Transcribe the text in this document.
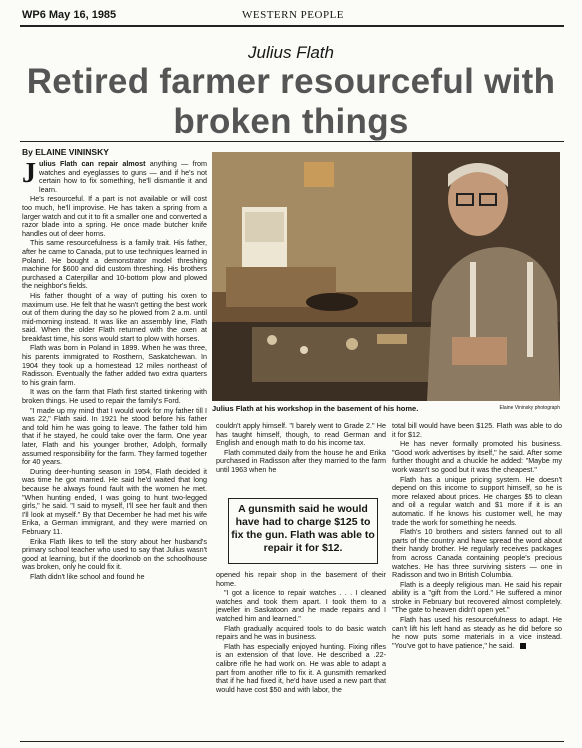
WP6 May 16, 1985	WESTERN PEOPLE
Julius Flath
Retired farmer resourceful with broken things
By ELAINE VININSKY
Julius Flath at his workshop in the basement of his home.	Elaine Vininsky photograph

Julius Flath can repair almost anything — from watches and eyeglasses to guns — and if he's not certain how to fix something, he'll dismantle it and learn.

He's resourceful. If a part is not available or will cost too much, he'll improvise. He has taken a spring from a larger watch and cut it to fit a smaller one and converted a razor blade into a spring. He once made butcher knife handles out of deer horns.

This same resourcefulness is a family trait. His father, after he came to Canada, put to use techniques learned in Poland. He bought a demonstrator model threshing machine for $600 and did custom threshing. His brothers purchased a Caterpillar and 10-bottom plow and plowed the neighbor's fields.

His father thought of a way of putting his oxen to maximum use. He felt that he wasn't getting the best work out of them during the day so he plowed from 2 a.m. until mid-morning instead. It was like an assembly line, Flath said. When the older Flath returned with the oxen at breakfast time, his sons would start to plow with horses.

Flath was born in Poland in 1899. When he was three, his parents immigrated to Rosthern, Saskatchewan. In 1904 they took up a homestead 12 miles northeast of Radisson. Eventually the father added two extra quarters to his grain farm.

It was on the farm that Flath first started tinkering with broken things. He used to repair the family's Ford.

"I made up my mind that I would work for my father till I was 22," Flath said. In 1921 he stood before his father and told him he was going to leave. The father told him that if he stayed, he could take over the farm. One year later, Flath and his younger brother, Adolph, formally assumed responsibility for the farm. They farmed together for 40 years.

During deer-hunting season in 1954, Flath decided it was time he got married. He said he'd waited that long because he always found fault with the women he met. "When hunting ended, I was going to hunt two-legged girls," he said. "I said to myself, I'll see her fault and then I'll look at myself." By that December he had met his wife Erika, a German immigrant, and they were married on February 11.

Erika Flath likes to tell the story about her husband's primary school teacher who used to say that Julius wasn't good at learning, but if the doorknob on the schoolhouse was broken, only he could fix it.

Flath didn't like school and found he

couldn't apply himself. "I barely went to Grade 2." He has taught himself, though, to read German and English and enough math to do his income tax.

Flath commuted daily from the house he and Erika purchased in Radisson after they married to the farm until 1963 when he

A gunsmith said he would have had to charge $125 to fix the gun. Flath was able to repair it for $12.

opened his repair shop in the basement of their home.

"I got a licence to repair watches . . . I cleaned watches and took them apart. I took them to a jeweller in Saskatoon and he made repairs and I watched him and learned."

Flath gradually acquired tools to do basic watch repairs and he was in business.

Flath has especially enjoyed hunting. Fixing rifles is an extension of that love. He described a .22-calibre rifle he had work on. He was able to adapt a part from another rifle to fix it. A gunsmith remarked that if he had fixed it, he'd have used a new part that would have cost $50 and with labor, the

total bill would have been $125. Flath was able to do it for $12.

He has never formally promoted his business. "Good work advertises by itself," he said. After some further thought and a chuckle he added: "Maybe my work wasn't so good but it was the cheapest."

Flath has a unique pricing system. He doesn't depend on this income to support himself, so he is more relaxed about prices. He charges $5 to clean and oil a regular watch and $1 more if it is an automatic. If he knows his customer well, he may trade the work for something he needs.

Flath's 10 brothers and sisters fanned out to all parts of the country and have spread the word about their handy brother. He regularly receives packages from across Canada containing people's precious watches. He has three surviving sisters — one in Radisson and two in British Columbia.

Flath is a deeply religious man. He said his repair ability is a "gift from the Lord." He suffered a minor stroke in February but recovered almost completely. "The gate to heaven didn't open yet."

Flath has used his resourcefulness to adapt. He can't lift his left hand as steady as he did before so he now puts some materials in a vice instead. "You've got to have patience," he said.
